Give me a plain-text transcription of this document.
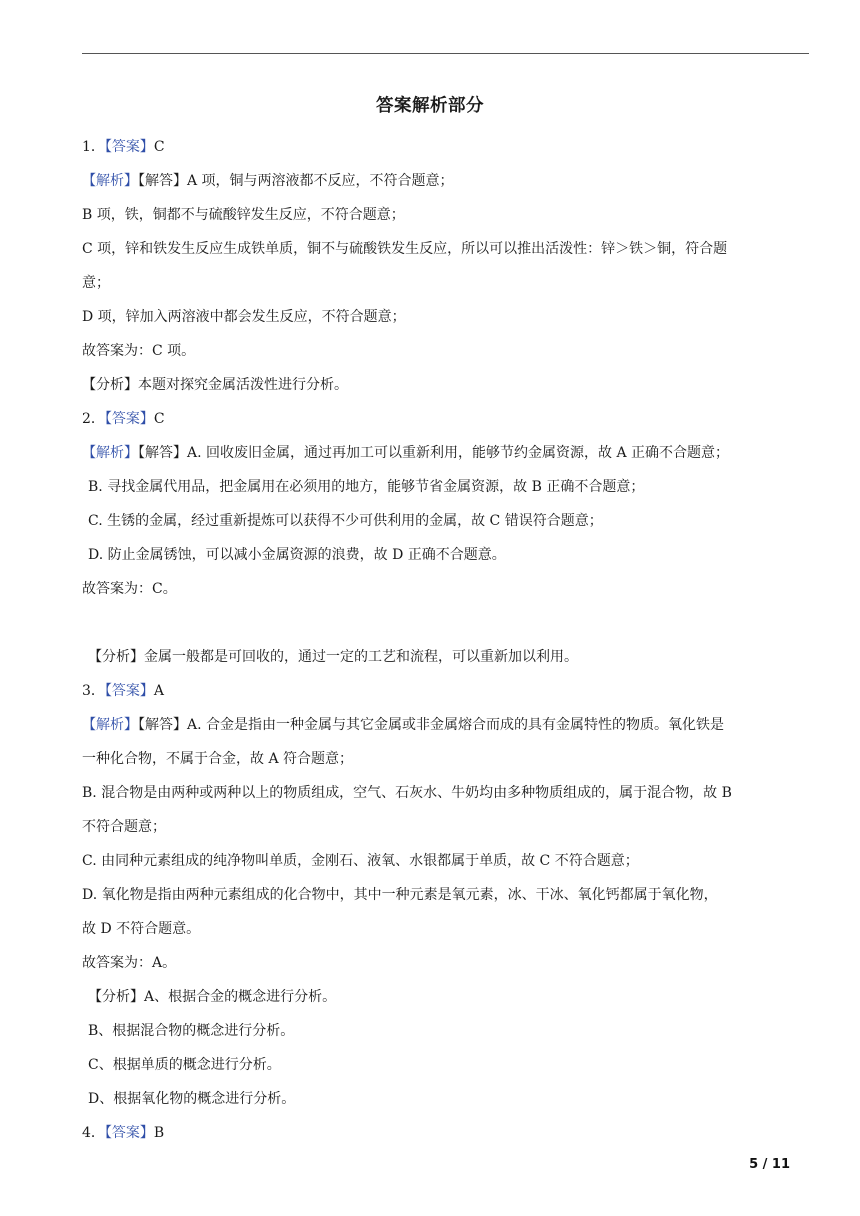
答案解析部分

1．【答案】C

【解析】【解答】A 项，铜与两溶液都不反应，不符合题意；

B 项，铁，铜都不与硫酸锌发生反应，不符合题意；

C 项，锌和铁发生反应生成铁单质，铜不与硫酸铁发生反应，所以可以推出活泼性：锌＞铁＞铜，符合题

意；

D 项，锌加入两溶液中都会发生反应，不符合题意；

故答案为：C 项。

【分析】本题对探究金属活泼性进行分析。

2．【答案】C

【解析】【解答】A. 回收废旧金属，通过再加工可以重新利用，能够节约金属资源，故 A 正确不合题意；

B. 寻找金属代用品，把金属用在必须用的地方，能够节省金属资源，故 B 正确不合题意；

C. 生锈的金属，经过重新提炼可以获得不少可供利用的金属，故 C 错误符合题意；

D. 防止金属锈蚀，可以减小金属资源的浪费，故 D 正确不合题意。

故答案为：C。

【分析】金属一般都是可回收的，通过一定的工艺和流程，可以重新加以利用。

3．【答案】A

【解析】【解答】A. 合金是指由一种金属与其它金属或非金属熔合而成的具有金属特性的物质。氧化铁是

一种化合物，不属于合金，故 A 符合题意；

B. 混合物是由两种或两种以上的物质组成，空气、石灰水、牛奶均由多种物质组成的，属于混合物，故 B

不符合题意；

C. 由同种元素组成的纯净物叫单质，金刚石、液氧、水银都属于单质，故 C 不符合题意；

D. 氧化物是指由两种元素组成的化合物中，其中一种元素是氧元素，冰、干冰、氧化钙都属于氧化物，

故 D 不符合题意。

故答案为：A。

【分析】A、根据合金的概念进行分析。

B、根据混合物的概念进行分析。

C、根据单质的概念进行分析。

D、根据氧化物的概念进行分析。

4．【答案】B

5 / 11
